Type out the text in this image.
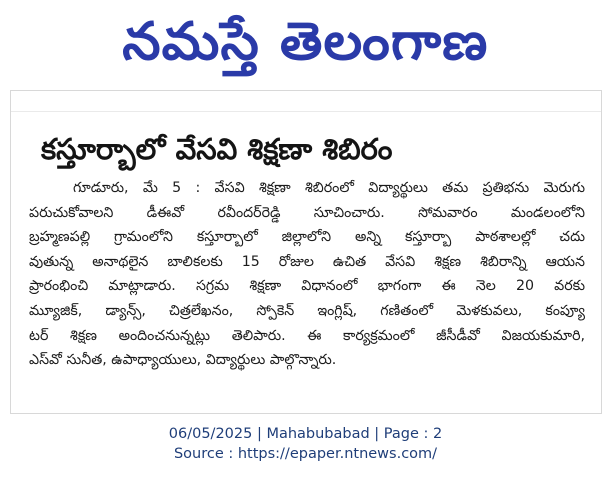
నమస్తే తెలంగాణ
కస్తూర్బాలో వేసవి శిక్షణా శిబిరం
గూడూరు, మే 5 : వేసవి శిక్షణా శిబిరంలో విద్యార్థులు తమ ప్రతిభను మెరుగు
పరుచుకోవాలని డీఈవో రవీందర్‌రెడ్డి సూచించారు. సోమవారం మండలంలోని
బ్రహ్మణపల్లి గ్రామంలోని కస్తూర్బాలో జిల్లాలోని అన్ని కస్తూర్బా పాఠశాలల్లో చదు
వుతున్న అనాథలైన బాలికలకు 15 రోజుల ఉచిత వేసవి శిక్షణ శిబిరాన్ని ఆయన
ప్రారంభించి మాట్లాడారు. సగ్రమ శిక్షణా విధానంలో భాగంగా ఈ నెల 20 వరకు
మ్యూజిక్, డ్యాన్స్, చిత్రలేఖనం, స్పోకెన్ ఇంగ్లిష్, గణితంలో మెళకువలు, కంప్యూ
టర్ శిక్షణ అందించనున్నట్లు తెలిపారు. ఈ కార్యక్రమంలో జీసీడీవో విజయకుమారి,
ఎస్‌వో సునీత, ఉపాధ్యాయులు, విద్యార్థులు పాల్గొన్నారు.
06/05/2025 | Mahabubabad | Page : 2
Source : https://epaper.ntnews.com/
